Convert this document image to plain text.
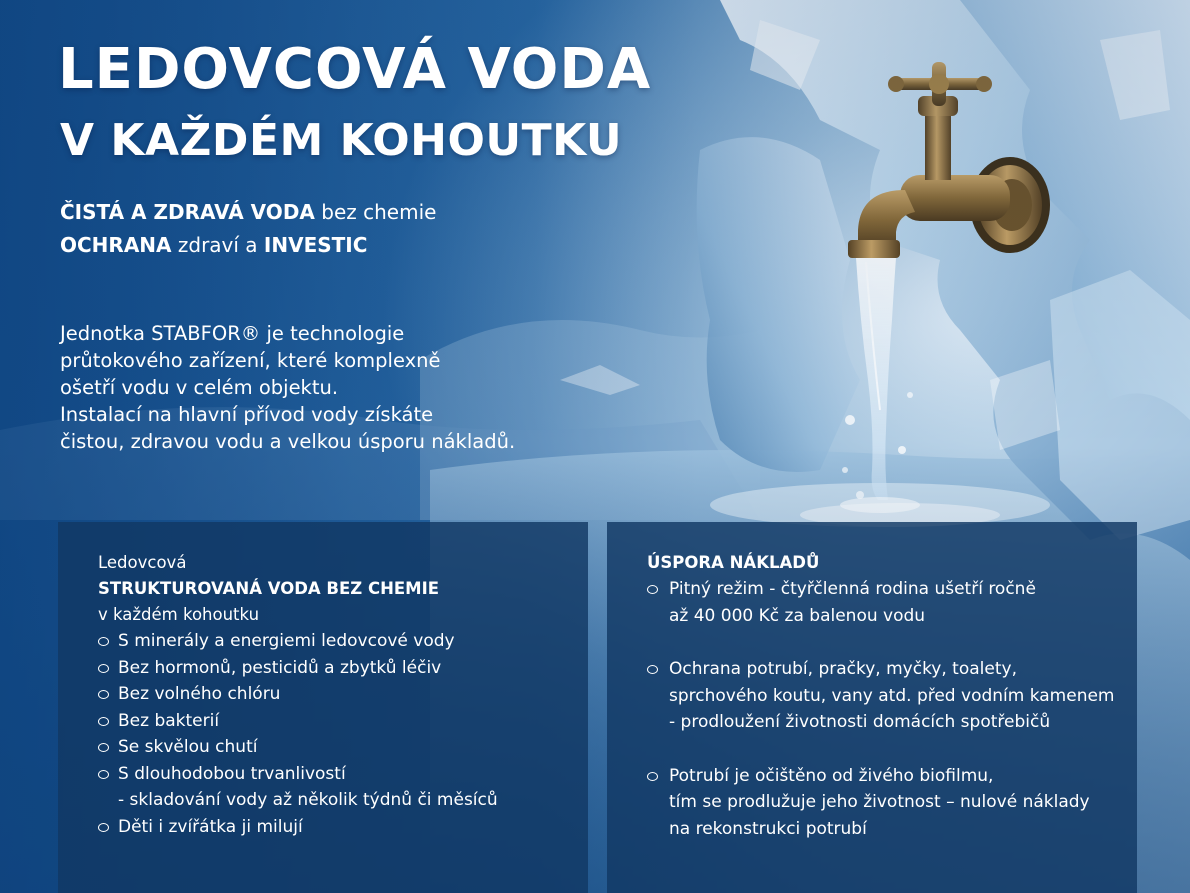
LEDOVCOVÁ VODA
V KAŽDÉM KOHOUTKU
ČISTÁ A ZDRAVÁ VODA bez chemie
OCHRANA zdraví a INVESTIC
Jednotka STABFOR® je technologie
průtokového zařízení, které komplexně
ošetří vodu v celém objektu.
Instalací na hlavní přívod vody získáte
čistou, zdravou vodu a velkou úsporu nákladů.
Ledovcová
STRUKTUROVANÁ VODA BEZ CHEMIE
v každém kohoutku
S minerály a energiemi ledovcové vody
Bez hormonů, pesticidů a zbytků léčiv
Bez volného chlóru
Bez bakterií
Se skvělou chutí
S dlouhodobou trvanlivostí
- skladování vody až několik týdnů či měsíců
Děti i zvířátka ji milují
ÚSPORA NÁKLADŮ
Pitný režim - čtyřčlenná rodina ušetří ročně
až 40 000 Kč za balenou vodu
Ochrana potrubí, pračky, myčky, toalety,
sprchového koutu, vany atd. před vodním kamenem
- prodloužení životnosti domácích spotřebičů
Potrubí je očištěno od živého biofilmu,
tím se prodlužuje jeho životnost – nulové náklady
na rekonstrukci potrubí
